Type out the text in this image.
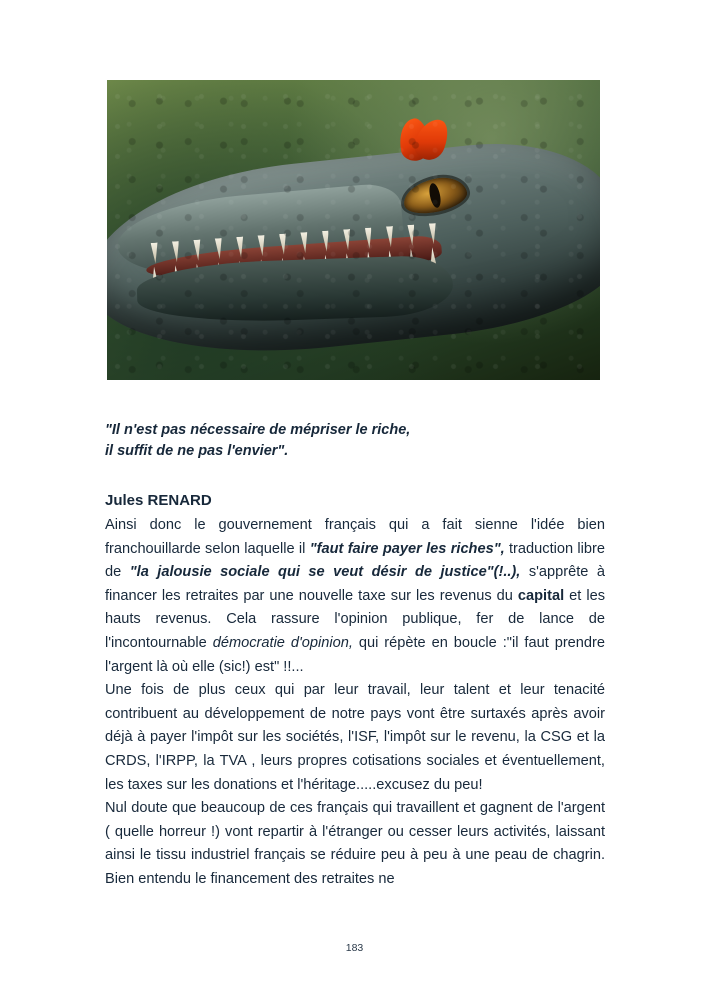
"Il n'est pas nécessaire de mépriser le riche,
il suffit de ne pas l'envier".
Jules RENARD

Ainsi donc le gouvernement français qui a fait sienne l'idée bien franchouillarde selon laquelle il "faut faire payer les riches", traduction libre de "la jalousie sociale qui se veut désir de justice"(!..), s'apprête à financer les retraites par une nouvelle taxe sur les revenus du capital et les hauts revenus. Cela rassure l'opinion publique, fer de lance de l'incontournable démocratie d'opinion, qui répète en boucle :"il faut prendre l'argent là où elle (sic!) est" !!...

Une fois de plus ceux qui par leur travail, leur talent et leur tenacité contribuent au développement de notre pays vont être surtaxés après avoir déjà à payer l'impôt sur les sociétés, l'ISF, l'impôt sur le revenu, la CSG et la CRDS, l'IRPP, la TVA , leurs propres cotisations sociales et éventuellement, les taxes sur les donations et l'héritage.....excusez du peu!

Nul doute que beaucoup de ces français qui travaillent et gagnent de l'argent ( quelle horreur !) vont repartir à l'étranger ou cesser leurs activités, laissant ainsi le tissu industriel français se réduire peu à peu à une peau de chagrin. Bien entendu le financement des retraites ne

183
